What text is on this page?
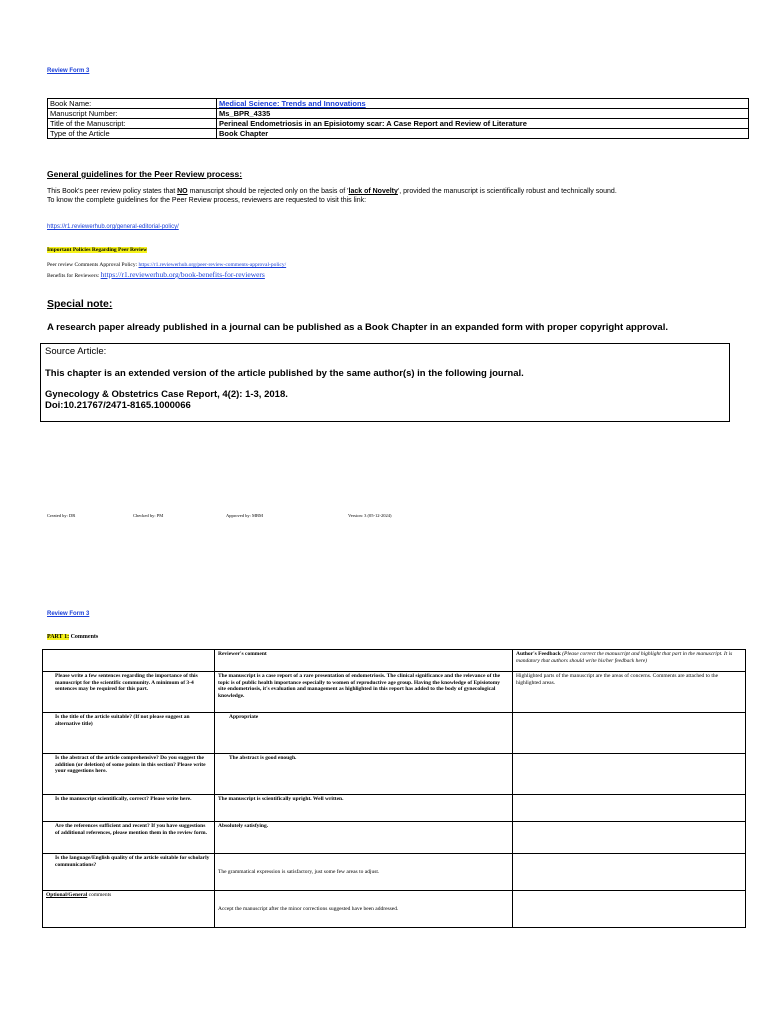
Review Form 3
Book Name:	Medical Science: Trends and Innovations
Manuscript Number:	Ms_BPR_4335
Title of the Manuscript:	Perineal Endometriosis in an Episiotomy scar: A Case Report and Review of Literature
Type of the Article	Book Chapter
General guidelines for the Peer Review process:
This Book's peer review policy states that NO manuscript should be rejected only on the basis of 'lack of Novelty', provided the manuscript is scientifically robust and technically sound.
To know the complete guidelines for the Peer Review process, reviewers are requested to visit this link:
https://r1.reviewerhub.org/general-editorial-policy/
Important Policies Regarding Peer Review
Peer review Comments Approval Policy: https://r1.reviewerhub.org/peer-review-comments-approval-policy/
Benefits for Reviewers: https://r1.reviewerhub.org/book-benefits-for-reviewers
Special note:
A research paper already published in a journal can be published as a Book Chapter in an expanded form with proper copyright approval.
Source Article:
This chapter is an extended version of the article published by the same author(s) in the following journal.
Gynecology & Obstetrics Case Report, 4(2): 1-3, 2018.
Doi:10.21767/2471-8165.1000066
Created by: DR	Checked by: PM	Approved by: MBM	Version: 3 (05-12-2024)
Review Form 3
PART 1: Comments
	Reviewer's comment	Author's Feedback (Please correct the manuscript and highlight that part in the manuscript. It is mandatory that authors should write his/her feedback here)
Please write a few sentences regarding the importance of this manuscript for the scientific community. A minimum of 3-4 sentences may be required for this part.	The manuscript is a case report of a rare presentation of endometriosis. The clinical significance and the relevance of the topic is of public health importance especially to women of reproductive age group. Having the knowledge of Episiotomy site endometriosis, it's evaluation and management as highlighted in this report has added to the body of gynecological knowledge.	Highlighted parts of the manuscript are the areas of concerns. Comments are attached to the highlighted areas.
Is the title of the article suitable? (If not please suggest an alternative title)	Appropriate	
Is the abstract of the article comprehensive? Do you suggest the addition (or deletion) of some points in this section? Please write your suggestions here.	The abstract is good enough.	
Is the manuscript scientifically, correct? Please write here.	The manuscript is scientifically upright. Well written.	
Are the references sufficient and recent? If you have suggestions of additional references, please mention them in the review form.	Absolutely satisfying.	
Is the language/English quality of the article suitable for scholarly communications?	The grammatical expression is satisfactory, just some few areas to adjust.	
Optional/General comments	Accept the manuscript after the minor corrections suggested have been addressed.	
